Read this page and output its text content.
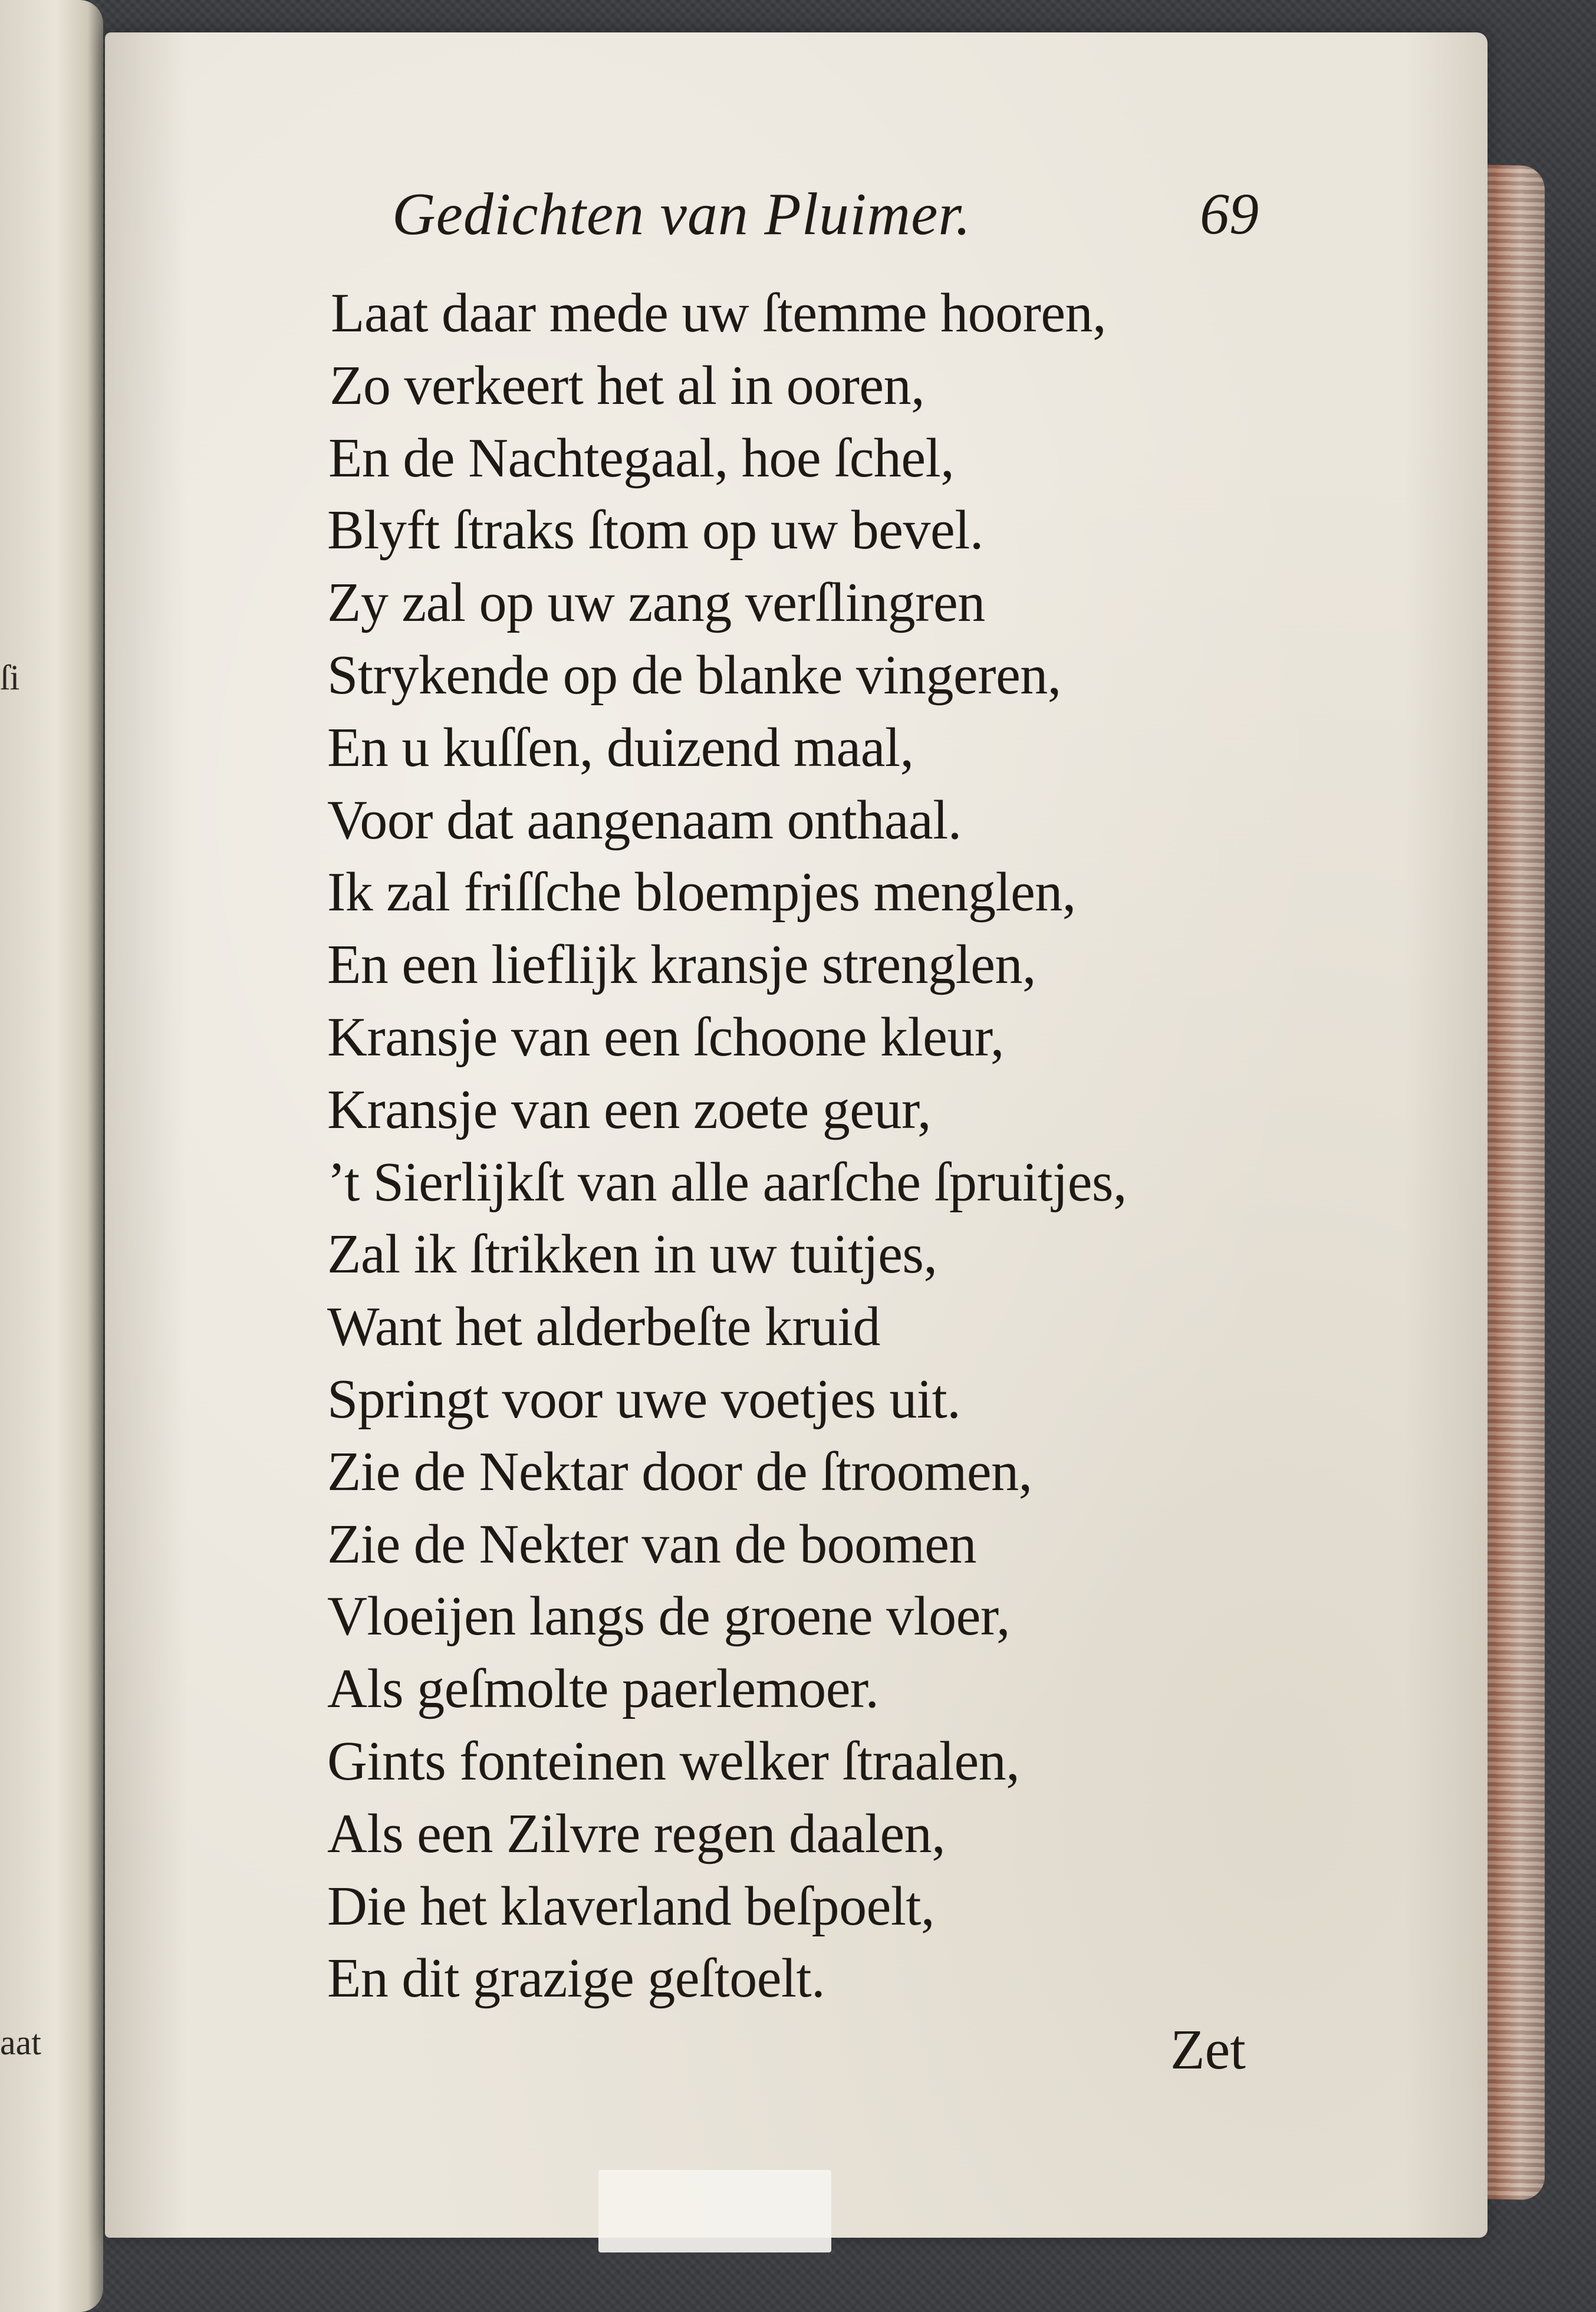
ſi
aat
Gedichten van Pluimer.	69
Laat daar mede uw ſtemme hooren,
Zo verkeert het al in ooren,
En de Nachtegaal, hoe ſchel,
Blyft ſtraks ſtom op uw bevel.
Zy zal op uw zang verſlingren
Strykende op de blanke vingeren,
En u kuſſen, duizend maal,
Voor dat aangenaam onthaal.
Ik zal friſſche bloempjes menglen,
En een lieflijk kransje strenglen,
Kransje van een ſchoone kleur,
Kransje van een zoete geur,
’t Sierlijkſt van alle aarſche ſpruitjes,
Zal ik ſtrikken in uw tuitjes,
Want het alderbeſte kruid
Springt voor uwe voetjes uit.
Zie de Nektar door de ſtroomen,
Zie de Nekter van de boomen
Vloeijen langs de groene vloer,
Als geſmolte paerlemoer.
Gints fonteinen welker ſtraalen,
Als een Zilvre regen daalen,
Die het klaverland beſpoelt,
En dit grazige geſtoelt.
Zet
